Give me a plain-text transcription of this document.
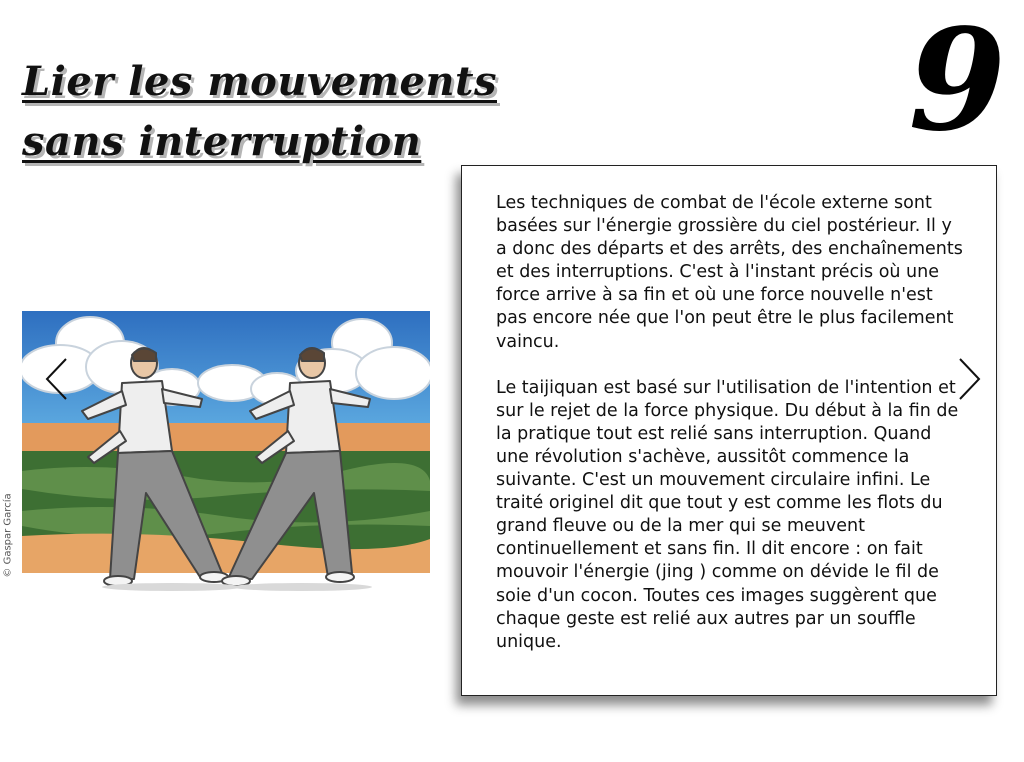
Lier les mouvements
sans interruption	9
© Gaspar García

Les techniques de combat de l'école externe sont basées sur l'énergie grossière du ciel postérieur. Il y a donc des départs et des arrêts, des enchaînements et des interruptions. C'est à l'instant précis où une force arrive à sa fin et où une force nouvelle n'est pas encore née que l'on peut être le plus facilement vaincu.

Le taijiquan est basé sur l'utilisation de l'intention et sur le rejet de la force physique. Du début à la fin de la pratique tout est relié sans interruption. Quand une révolution s'achève, aussitôt commence la suivante. C'est un mouvement circulaire infini. Le traité originel dit que tout y est comme les flots du grand fleuve ou de la mer qui se meuvent continuellement et sans fin. Il dit encore : on fait mouvoir l'énergie (jing ) comme on dévide le fil de soie d'un cocon. Toutes ces images suggèrent que chaque geste est relié aux autres par un souffle unique.
